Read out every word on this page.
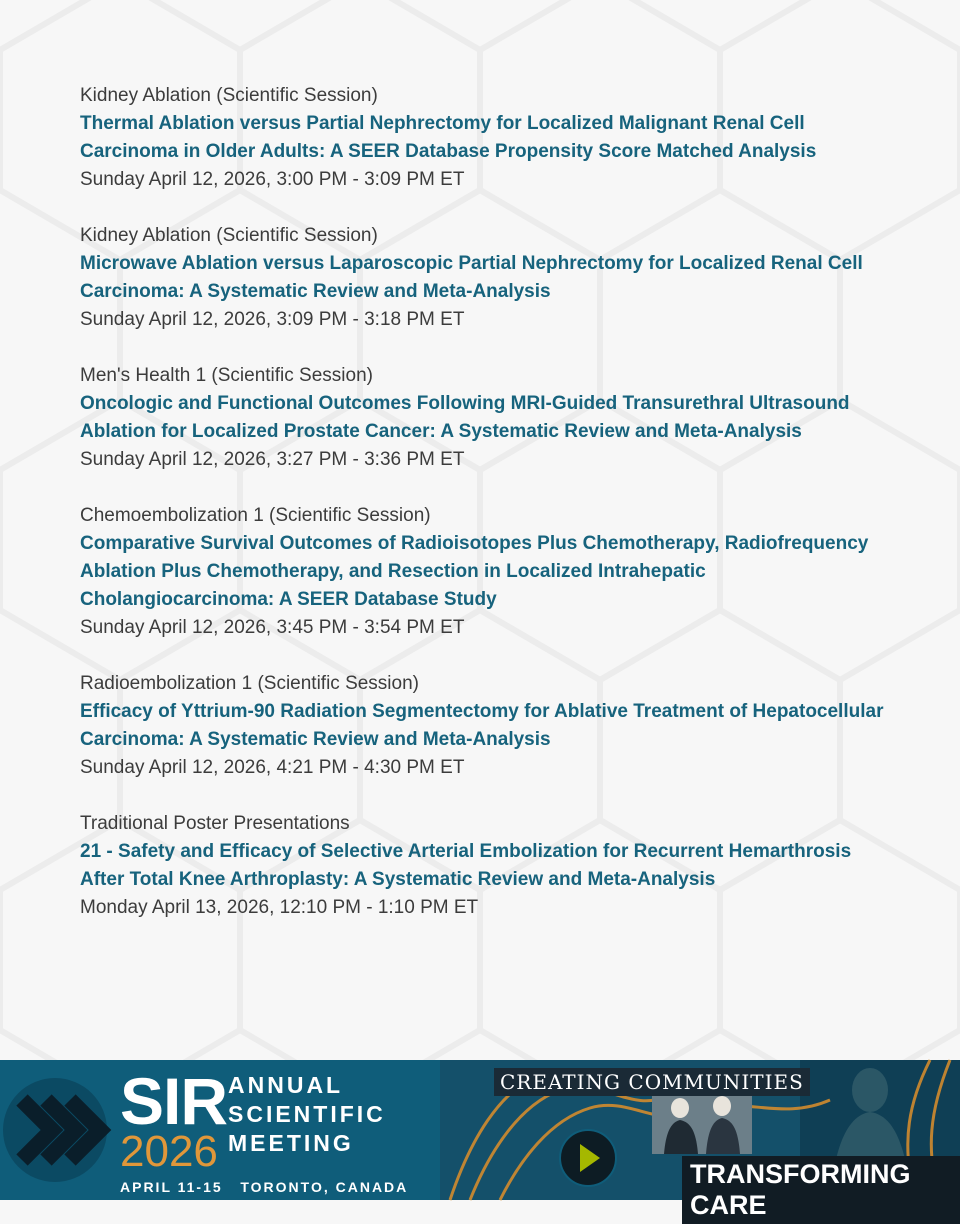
Kidney Ablation (Scientific Session)
Thermal Ablation versus Partial Nephrectomy for Localized Malignant Renal Cell Carcinoma in Older Adults: A SEER Database Propensity Score Matched Analysis
Sunday April 12, 2026, 3:00 PM - 3:09 PM ET
Kidney Ablation (Scientific Session)
Microwave Ablation versus Laparoscopic Partial Nephrectomy for Localized Renal Cell Carcinoma: A Systematic Review and Meta-Analysis
Sunday April 12, 2026, 3:09 PM - 3:18 PM ET
Men's Health 1 (Scientific Session)
Oncologic and Functional Outcomes Following MRI-Guided Transurethral Ultrasound Ablation for Localized Prostate Cancer: A Systematic Review and Meta-Analysis
Sunday April 12, 2026, 3:27 PM - 3:36 PM ET
Chemoembolization 1 (Scientific Session)
Comparative Survival Outcomes of Radioisotopes Plus Chemotherapy, Radiofrequency Ablation Plus Chemotherapy, and Resection in Localized Intrahepatic Cholangiocarcinoma: A SEER Database Study
Sunday April 12, 2026, 3:45 PM - 3:54 PM ET
Radioembolization 1 (Scientific Session)
Efficacy of Yttrium-90 Radiation Segmentectomy for Ablative Treatment of Hepatocellular Carcinoma: A Systematic Review and Meta-Analysis
Sunday April 12, 2026, 4:21 PM - 4:30 PM ET
Traditional Poster Presentations
21 - Safety and Efficacy of Selective Arterial Embolization for Recurrent Hemarthrosis After Total Knee Arthroplasty: A Systematic Review and Meta-Analysis
Monday April 13, 2026, 12:10 PM - 1:10 PM ET
SIR
2026
ANNUAL
SCIENTIFIC
MEETING
APRIL 11-15   TORONTO, CANADA
CREATING COMMUNITIES
TRANSFORMING CARE
